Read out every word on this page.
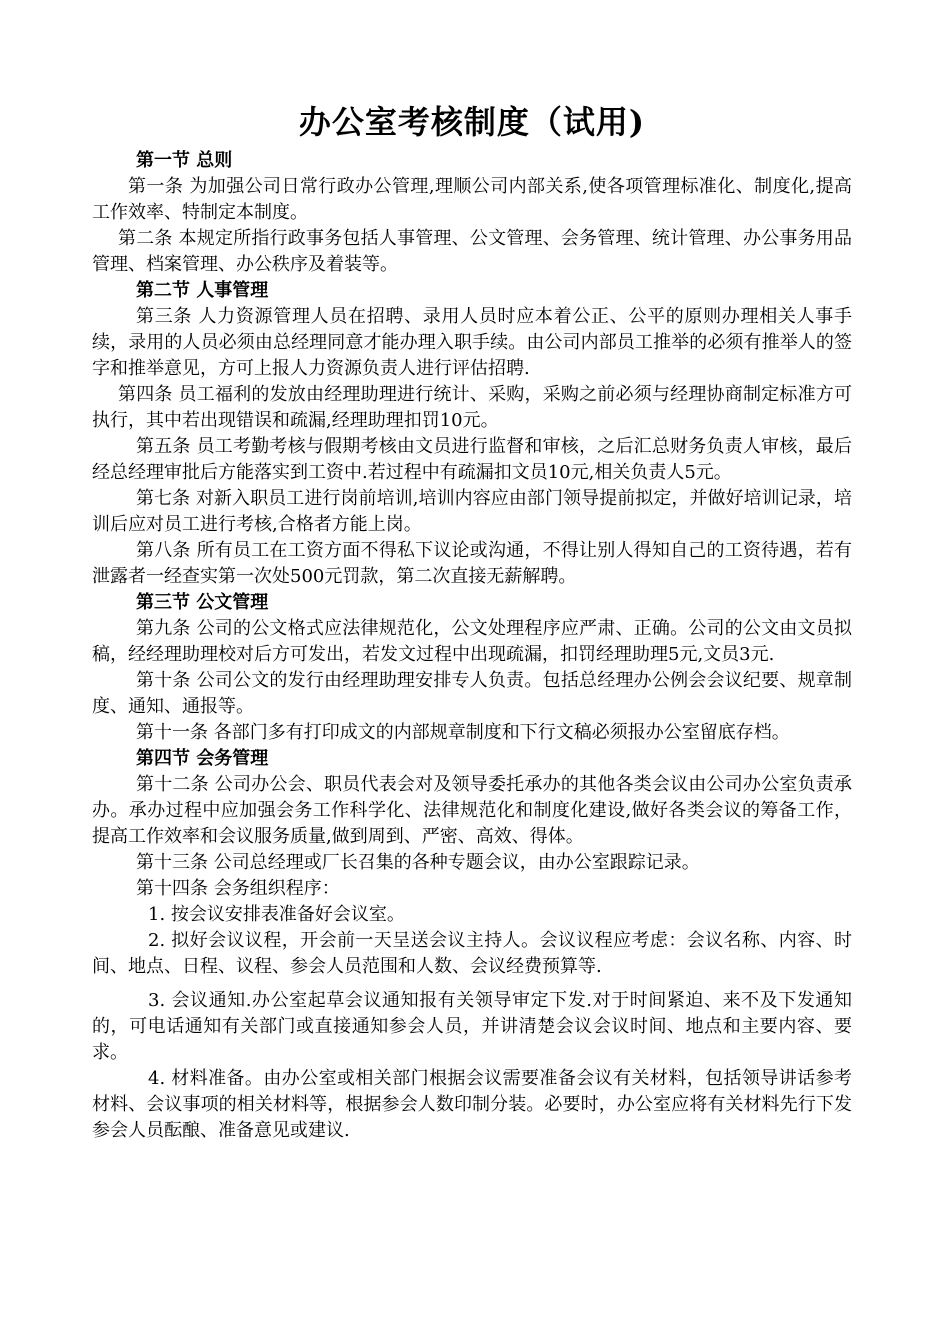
办公室考核制度（试用)

第一节 总则

第一条 为加强公司日常行政办公管理,理顺公司内部关系,使各项管理标准化、制度化,提高工作效率、特制定本制度。

第二条 本规定所指行政事务包括人事管理、公文管理、会务管理、统计管理、办公事务用品管理、档案管理、办公秩序及着装等。

第二节 人事管理

第三条 人力资源管理人员在招聘、录用人员时应本着公正、公平的原则办理相关人事手续，录用的人员必须由总经理同意才能办理入职手续。由公司内部员工推举的必须有推举人的签字和推举意见，方可上报人力资源负责人进行评估招聘.

第四条 员工福利的发放由经理助理进行统计、采购，采购之前必须与经理协商制定标准方可执行，其中若出现错误和疏漏,经理助理扣罚10元。

第五条 员工考勤考核与假期考核由文员进行监督和审核，之后汇总财务负责人审核，最后经总经理审批后方能落实到工资中.若过程中有疏漏扣文员10元,相关负责人5元。

第七条 对新入职员工进行岗前培训,培训内容应由部门领导提前拟定，并做好培训记录，培训后应对员工进行考核,合格者方能上岗。

第八条 所有员工在工资方面不得私下议论或沟通，不得让别人得知自己的工资待遇，若有泄露者一经查实第一次处500元罚款，第二次直接无薪解聘。

第三节 公文管理

第九条 公司的公文格式应法律规范化，公文处理程序应严肃、正确。公司的公文由文员拟稿，经经理助理校对后方可发出，若发文过程中出现疏漏，扣罚经理助理5元,文员3元.

第十条 公司公文的发行由经理助理安排专人负责。包括总经理办公例会会议纪要、规章制度、通知、通报等。

第十一条 各部门多有打印成文的内部规章制度和下行文稿必须报办公室留底存档。

第四节 会务管理

第十二条 公司办公会、职员代表会对及领导委托承办的其他各类会议由公司办公室负责承办。承办过程中应加强会务工作科学化、法律规范化和制度化建设,做好各类会议的筹备工作，提高工作效率和会议服务质量,做到周到、严密、高效、得体。

第十三条 公司总经理或厂长召集的各种专题会议，由办公室跟踪记录。

第十四条 会务组织程序：

1. 按会议安排表准备好会议室。

2. 拟好会议议程，开会前一天呈送会议主持人。会议议程应考虑：会议名称、内容、时间、地点、日程、议程、参会人员范围和人数、会议经费预算等.

3. 会议通知.办公室起草会议通知报有关领导审定下发.对于时间紧迫、来不及下发通知的，可电话通知有关部门或直接通知参会人员，并讲清楚会议会议时间、地点和主要内容、要求。

4. 材料准备。由办公室或相关部门根据会议需要准备会议有关材料，包括领导讲话参考材料、会议事项的相关材料等，根据参会人数印制分装。必要时，办公室应将有关材料先行下发参会人员酝酿、准备意见或建议.
